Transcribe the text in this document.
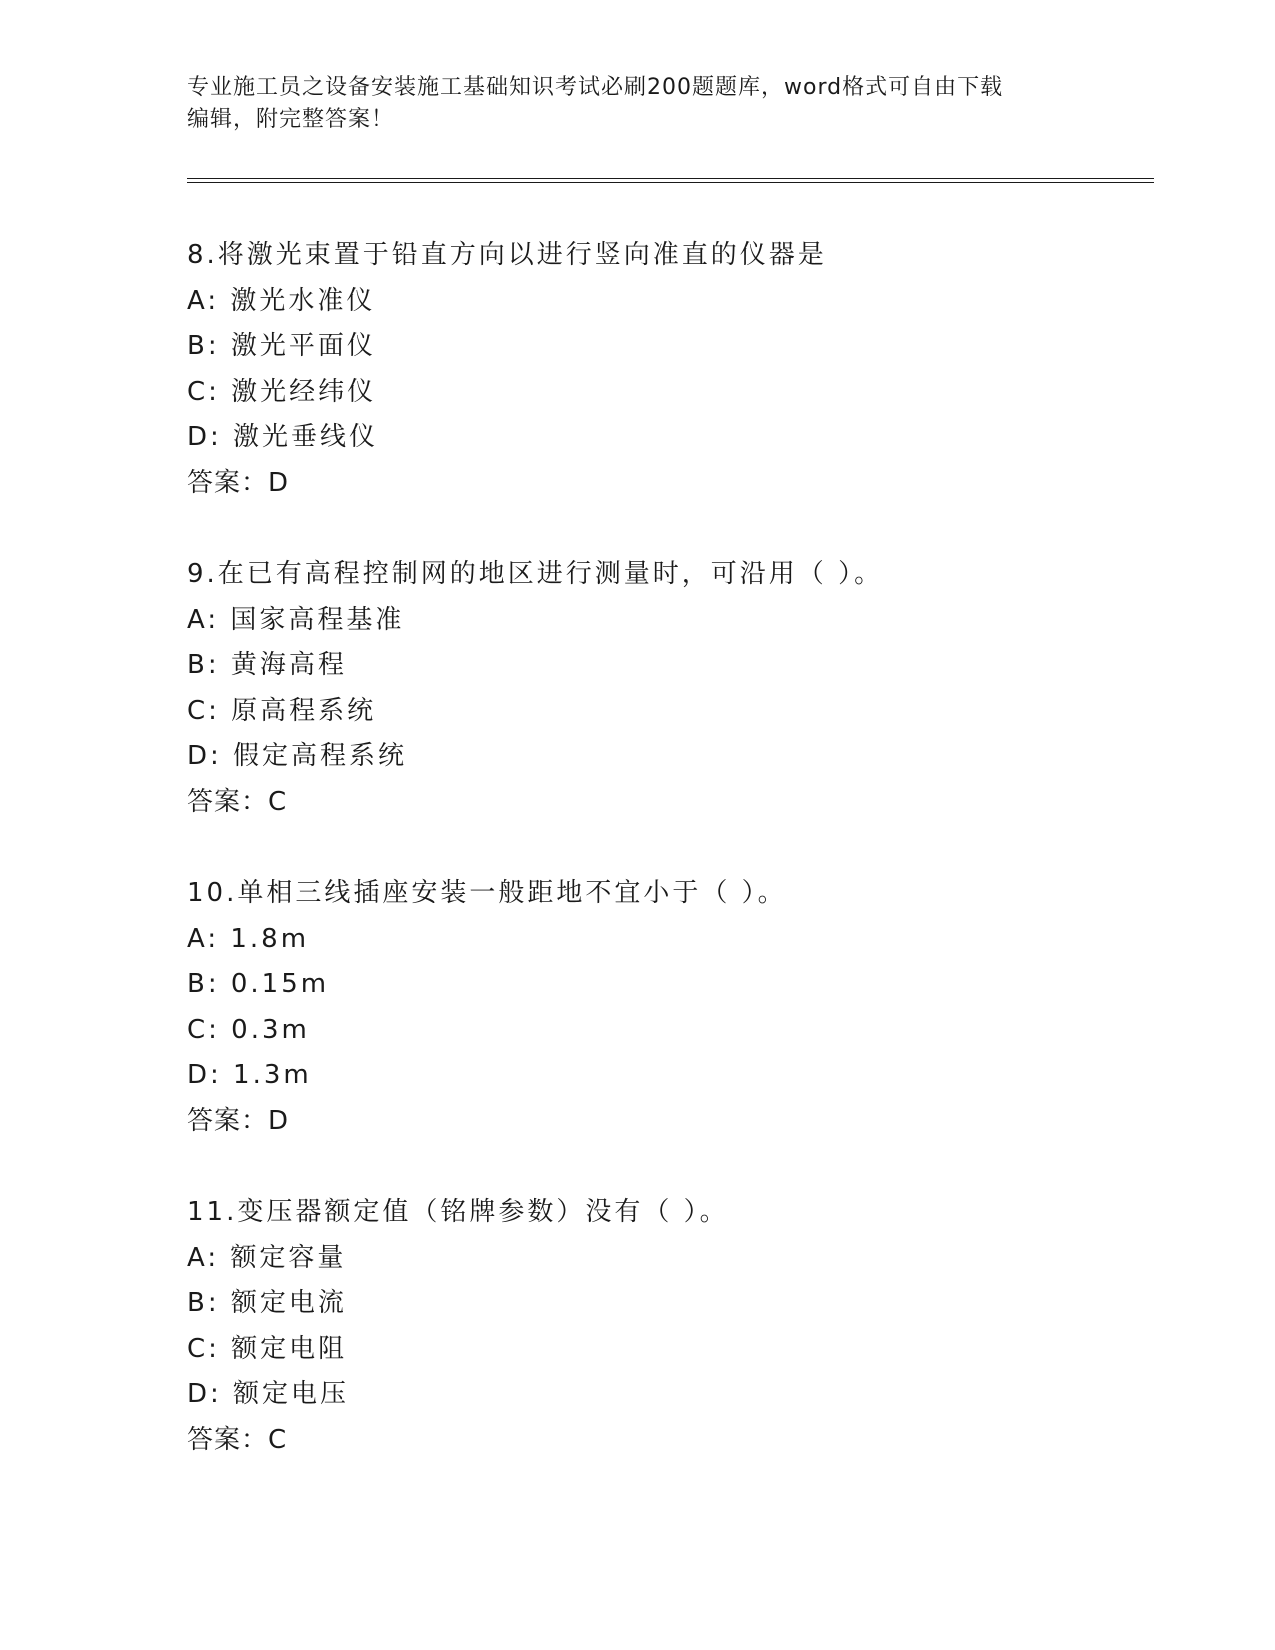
专业施工员之设备安装施工基础知识考试必刷200题题库，word格式可自由下载
编辑，附完整答案！
8.将激光束置于铅直方向以进行竖向准直的仪器是
A: 激光水准仪
B: 激光平面仪
C: 激光经纬仪
D: 激光垂线仪
答案：D
9.在已有高程控制网的地区进行测量时，可沿用（ ）。
A: 国家高程基准
B: 黄海高程
C: 原高程系统
D: 假定高程系统
答案：C
10.单相三线插座安装一般距地不宜小于（ ）。
A: 1.8m
B: 0.15m
C: 0.3m
D: 1.3m
答案：D
11.变压器额定值（铭牌参数）没有（ ）。
A: 额定容量
B: 额定电流
C: 额定电阻
D: 额定电压
答案：C
